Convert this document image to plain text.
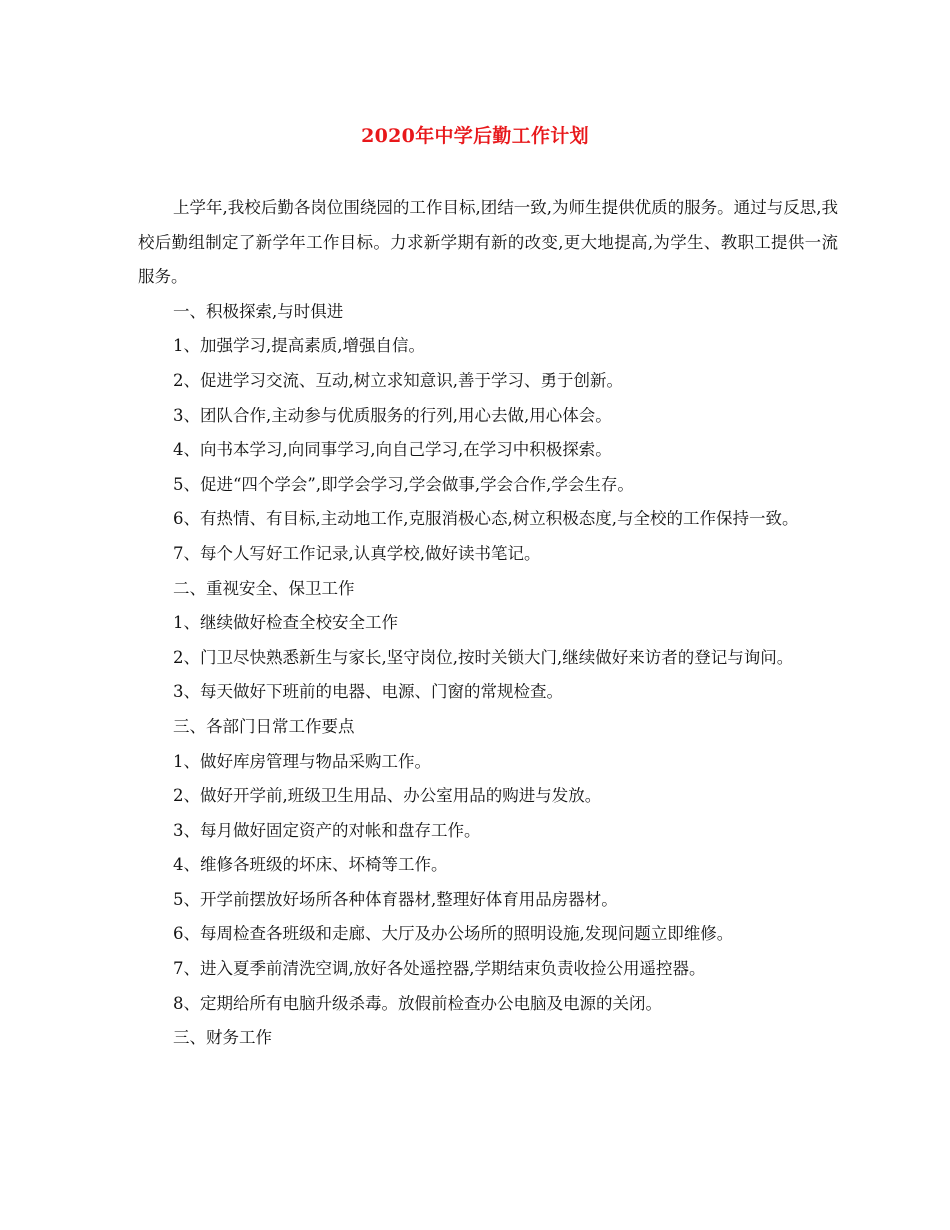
2020年中学后勤工作计划

上学年,我校后勤各岗位围绕园的工作目标,团结一致,为师生提供优质的服务。通过与反思,我校后勤组制定了新学年工作目标。力求新学期有新的改变,更大地提高,为学生、教职工提供一流服务。

一、积极探索,与时俱进

1、加强学习,提高素质,增强自信。

2、促进学习交流、互动,树立求知意识,善于学习、勇于创新。

3、团队合作,主动参与优质服务的行列,用心去做,用心体会。

4、向书本学习,向同事学习,向自己学习,在学习中积极探索。

5、促进“四个学会”,即学会学习,学会做事,学会合作,学会生存。

6、有热情、有目标,主动地工作,克服消极心态,树立积极态度,与全校的工作保持一致。

7、每个人写好工作记录,认真学校,做好读书笔记。

二、重视安全、保卫工作

1、继续做好检查全校安全工作

2、门卫尽快熟悉新生与家长,坚守岗位,按时关锁大门,继续做好来访者的登记与询问。

3、每天做好下班前的电器、电源、门窗的常规检查。

三、各部门日常工作要点

1、做好库房管理与物品采购工作。

2、做好开学前,班级卫生用品、办公室用品的购进与发放。

3、每月做好固定资产的对帐和盘存工作。

4、维修各班级的坏床、坏椅等工作。

5、开学前摆放好场所各种体育器材,整理好体育用品房器材。

6、每周检查各班级和走廊、大厅及办公场所的照明设施,发现问题立即维修。

7、进入夏季前清洗空调,放好各处遥控器,学期结束负责收捡公用遥控器。

8、定期给所有电脑升级杀毒。放假前检查办公电脑及电源的关闭。

三、财务工作
